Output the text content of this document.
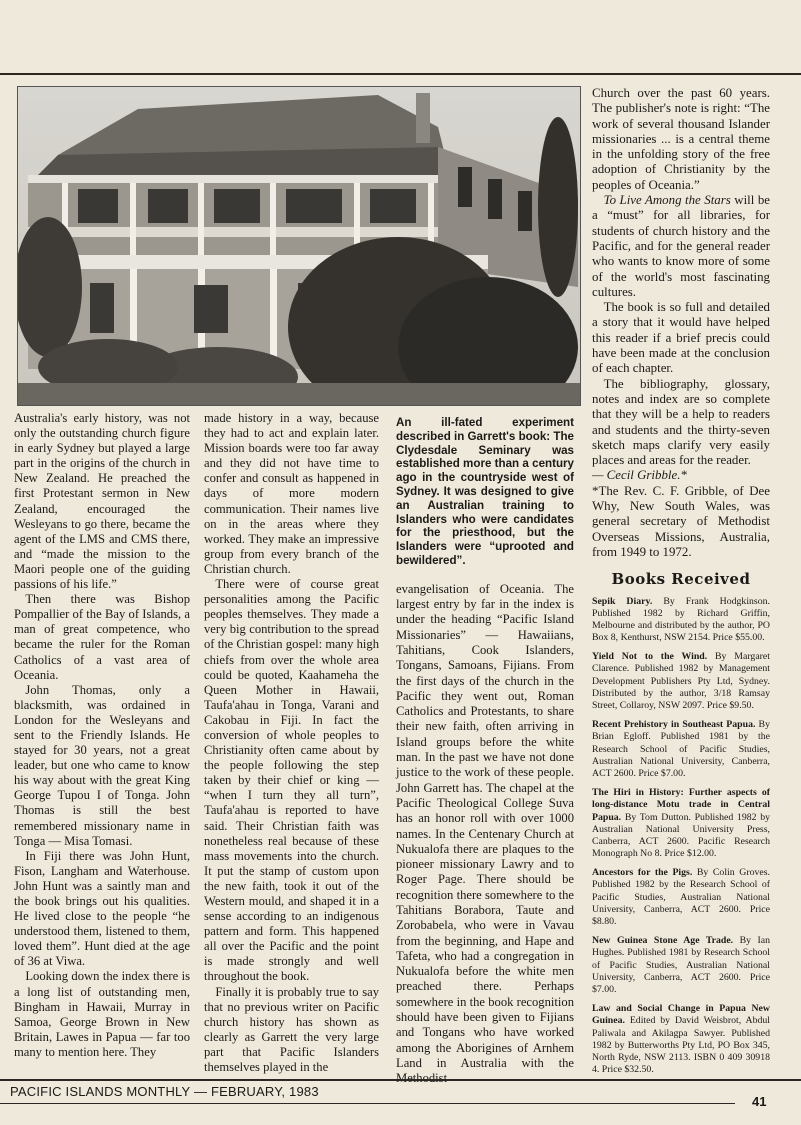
Australia's early history, was not only the outstanding church figure in early Sydney but played a large part in the origins of the church in New Zealand. He preached the first Protestant sermon in New Zealand, encouraged the Wesleyans to go there, became the agent of the LMS and CMS there, and “made the mission to the Maori people one of the guiding passions of his life.”

Then there was Bishop Pompallier of the Bay of Islands, a man of great competence, who became the ruler for the Roman Catholics of a vast area of Oceania.

John Thomas, only a blacksmith, was ordained in London for the Wesleyans and sent to the Friendly Islands. He stayed for 30 years, not a great leader, but one who came to know his way about with the great King George Tupou I of Tonga. John Thomas is still the best remembered missionary name in Tonga — Misa Tomasi.

In Fiji there was John Hunt, Fison, Langham and Waterhouse. John Hunt was a saintly man and the book brings out his qualities. He lived close to the people “he understood them, listened to them, loved them”. Hunt died at the age of 36 at Viwa.

Looking down the index there is a long list of outstanding men, Bingham in Hawaii, Murray in Samoa, George Brown in New Britain, Lawes in Papua — far too many to mention here. They

made history in a way, because they had to act and explain later. Mission boards were too far away and they did not have time to confer and consult as happened in days of more modern communication. Their names live on in the areas where they worked. They make an impressive group from every branch of the Christian church.

There were of course great personalities among the Pacific peoples themselves. They made a very big contribution to the spread of the Christian gospel: many high chiefs from over the whole area could be quoted, Kaahameha the Queen Mother in Hawaii, Taufa'ahau in Tonga, Varani and Cakobau in Fiji. In fact the conversion of whole peoples to Christianity often came about by the people following the step taken by their chief or king — “when I turn they all turn”, Taufa'ahau is reported to have said. Their Christian faith was nonetheless real because of these mass movements into the church. It put the stamp of custom upon the new faith, took it out of the Western mould, and shaped it in a sense according to an indigenous pattern and form. This happened all over the Pacific and the point is made strongly and well throughout the book.

Finally it is probably true to say that no previous writer on Pacific church history has shown as clearly as Garrett the very large part that Pacific Islanders themselves played in the

An ill-fated experiment described in Garrett's book: The Clydesdale Seminary was established more than a century ago in the countryside west of Sydney. It was designed to give an Australian training to Islanders who were candidates for the priesthood, but the Islanders were “uprooted and bewildered”.

evangelisation of Oceania. The largest entry by far in the index is under the heading “Pacific Island Missionaries” — Hawaiians, Tahitians, Cook Islanders, Tongans, Samoans, Fijians. From the first days of the church in the Pacific they went out, Roman Catholics and Protestants, to share their new faith, often arriving in Island groups before the white man. In the past we have not done justice to the work of these people. John Garrett has. The chapel at the Pacific Theological College Suva has an honor roll with over 1000 names. In the Centenary Church at Nukualofa there are plaques to the pioneer missionary Lawry and to Roger Page. There should be recognition there somewhere to the Tahitians Borabora, Taute and Zorobabela, who were in Vavau from the beginning, and Hape and Tafeta, who had a congregation in Nukualofa before the white men preached there. Perhaps somewhere in the book recognition should have been given to Fijians and Tongans who have worked among the Aborigines of Arnhem Land in Australia with the

Church over the past 60 years. The publisher's note is right: “The work of several thousand Islander missionaries ... is a central theme in the unfolding story of the free adoption of Christianity by the peoples of Oceania.”

To Live Among the Stars will be a “must” for all libraries, for students of church history and the Pacific, and for the general reader who wants to know more of some of the world's most fascinating cultures.

The book is so full and detailed a story that it would have helped this reader if a brief precis could have been made at the conclusion of each chapter.

The bibliography, glossary, notes and index are so complete that they will be a help to readers and students and the thirty-seven sketch maps clarify very easily places and areas for the reader.

— Cecil Gribble.*

*The Rev. C. F. Gribble, of Dee Why, New South Wales, was general secretary of Methodist Overseas Missions, Australia, from 1949 to 1972.

Books Received

Sepik Diary. By Frank Hodgkinson. Published 1982 by Richard Griffin, Melbourne and distributed by the author, PO Box 8, Kenthurst, NSW 2154. Price $55.00.

Yield Not to the Wind. By Margaret Clarence. Published 1982 by Management Development Publishers Pty Ltd, Sydney. Distributed by the author, 3/18 Ramsay Street, Collaroy, NSW 2097. Price $9.50.

Recent Prehistory in Southeast Papua. By Brian Egloff. Published 1981 by the Research School of Pacific Studies, Australian National University, Canberra, ACT 2600. Price $7.00.

The Hiri in History: Further aspects of long-distance Motu trade in Central Papua. By Tom Dutton. Published 1982 by Australian National University Press, Canberra, ACT 2600. Pacific Research Monograph No 8. Price $12.00.

Ancestors for the Pigs. By Colin Groves. Published 1982 by the Research School of Pacific Studies, Australian National University, Canberra, ACT 2600. Price $8.80.

New Guinea Stone Age Trade. By Ian Hughes. Published 1981 by Research School of Pacific Studies, Australian National University, Canberra, ACT 2600. Price $7.00.

Law and Social Change in Papua New Guinea. Edited by David Weisbrot, Abdul Paliwala and Akilagpa Sawyer. Published 1982 by Butterworths Pty Ltd, PO Box 345, North Ryde, NSW 2113. ISBN 0 409 30918 4. Price $32.50.

PACIFIC ISLANDS MONTHLY — FEBRUARY, 1983
41
